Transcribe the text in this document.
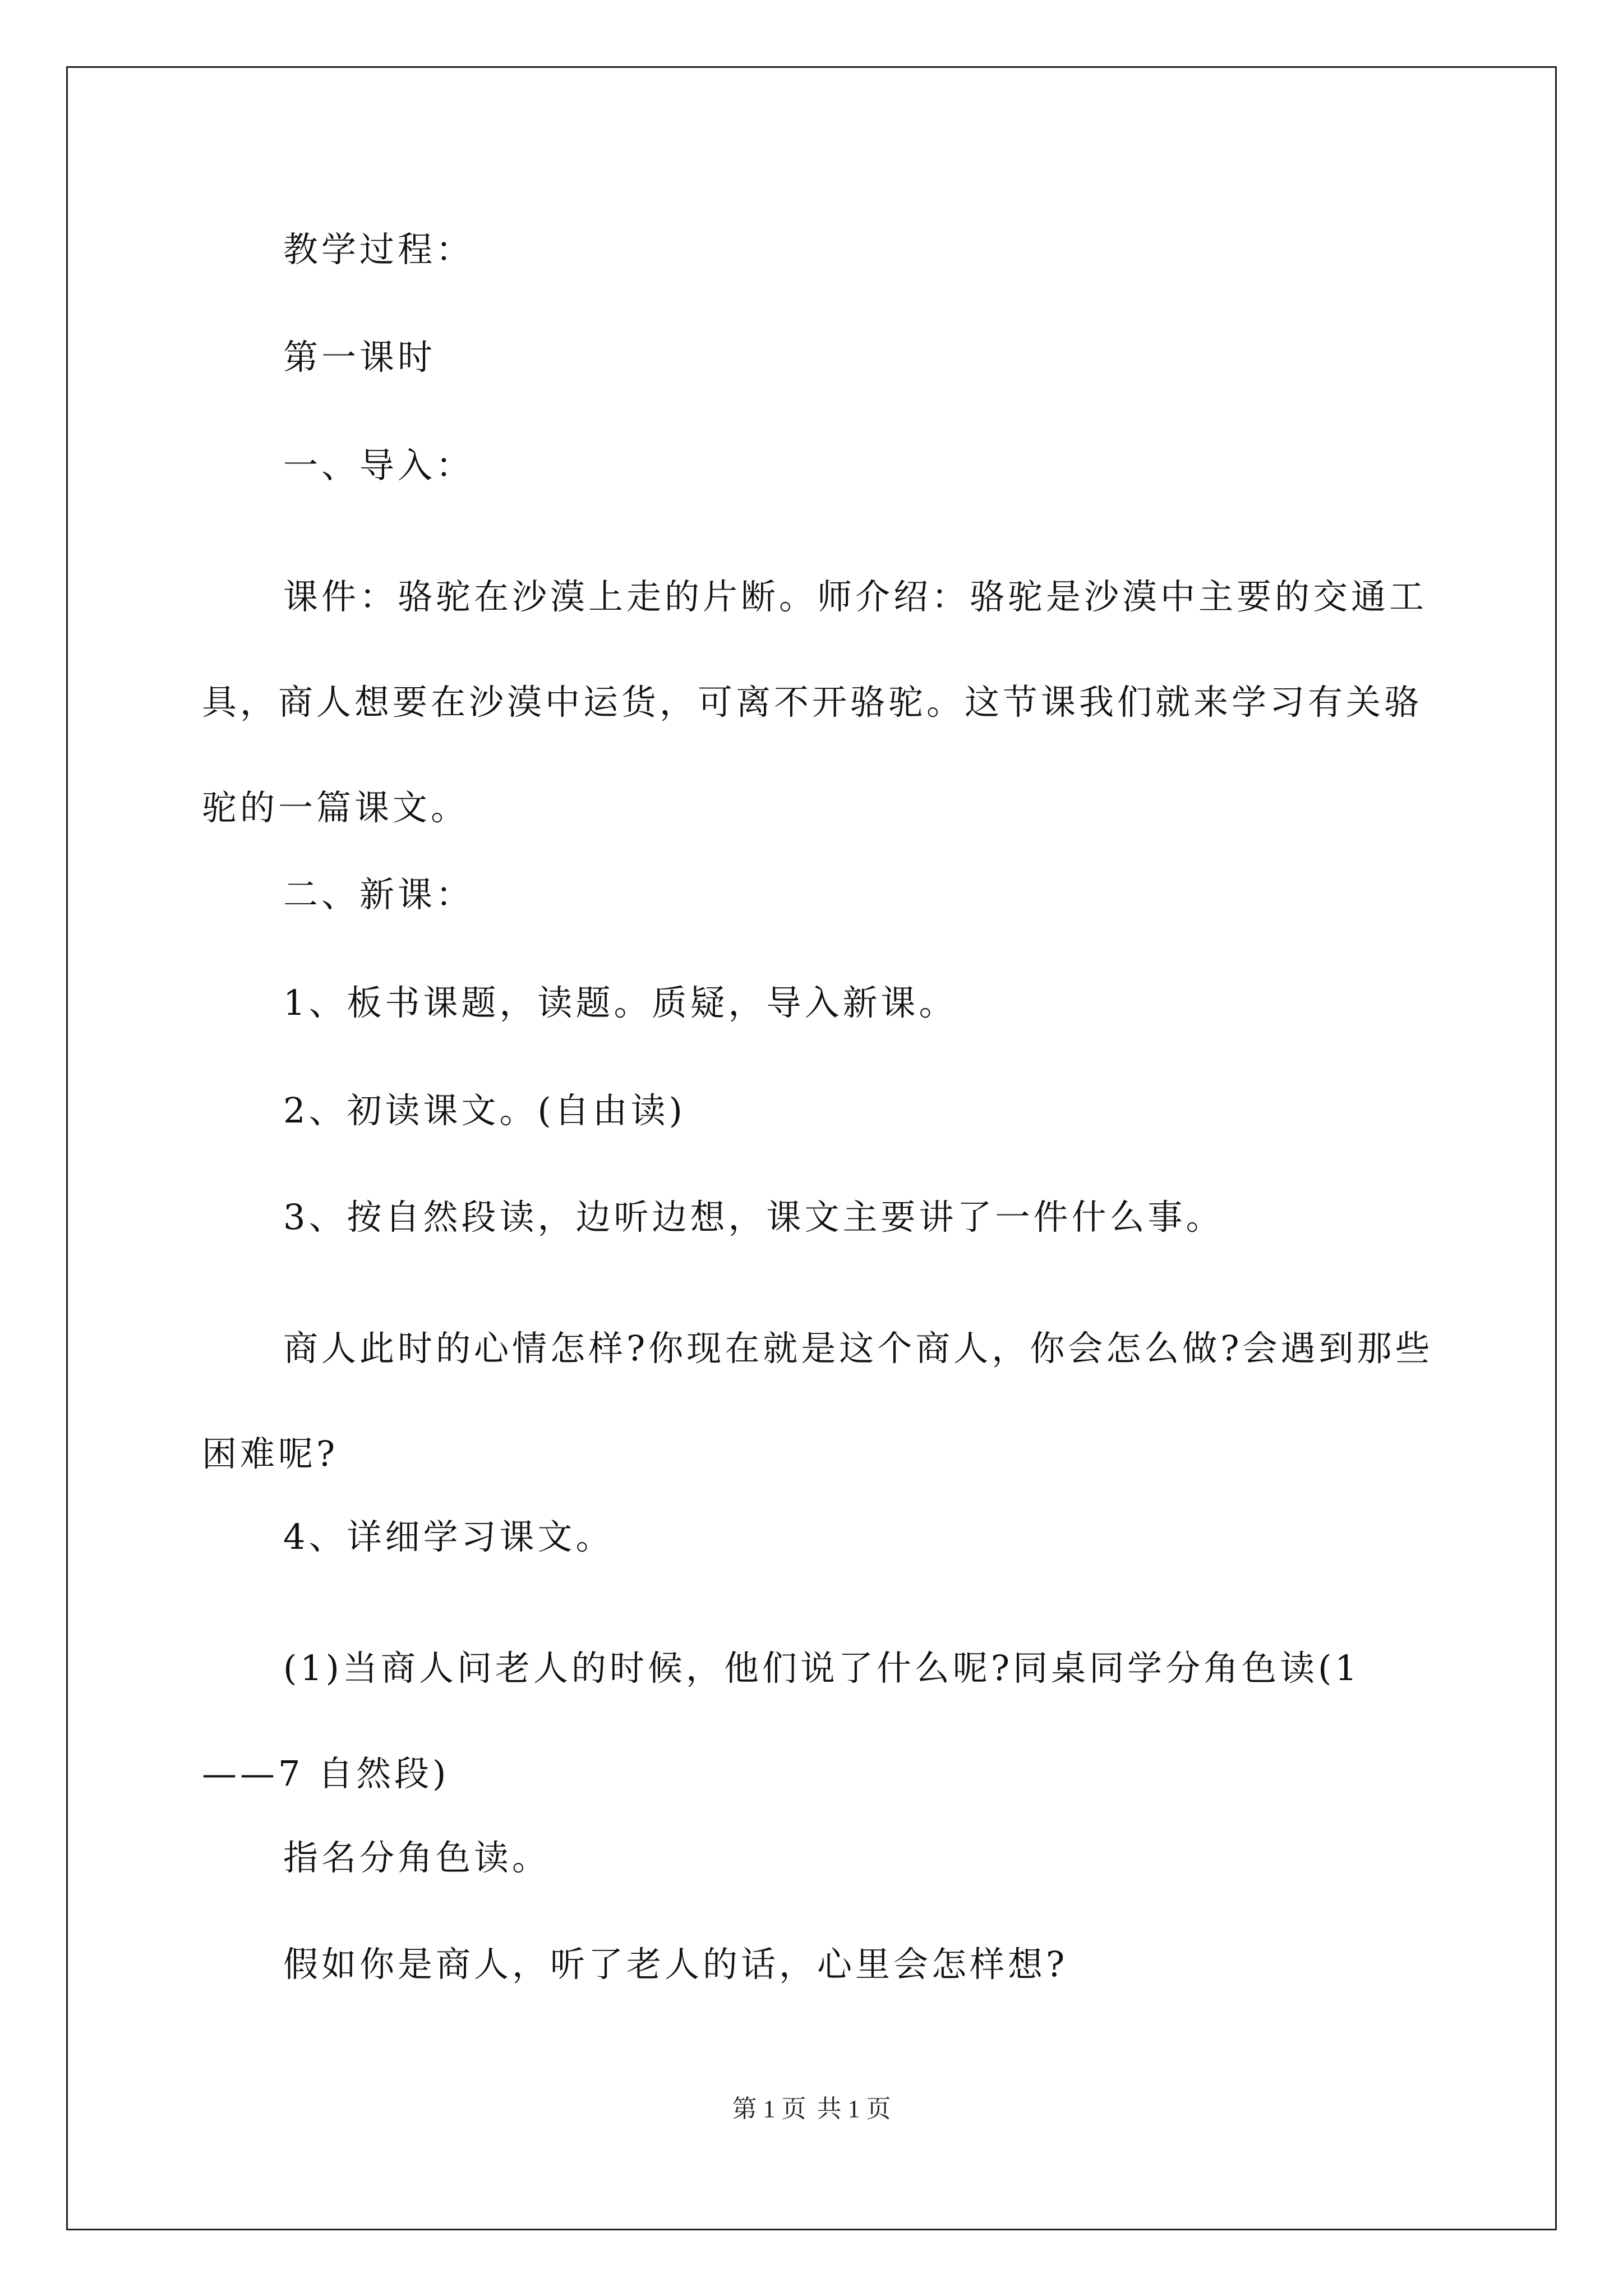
教学过程：
第一课时
一、导入：
课件：骆驼在沙漠上走的片断。师介绍：骆驼是沙漠中主要的交通工具，商人想要在沙漠中运货，可离不开骆驼。这节课我们就来学习有关骆驼的一篇课文。
二、新课：
1、板书课题，读题。质疑，导入新课。
2、初读课文。(自由读)
3、按自然段读，边听边想，课文主要讲了一件什么事。
商人此时的心情怎样?你现在就是这个商人，你会怎么做?会遇到那些困难呢?
4、详细学习课文。
(1)当商人问老人的时候，他们说了什么呢?同桌同学分角色读(1——7 自然段)
指名分角色读。
假如你是商人，听了老人的话，心里会怎样想?
第 1 页 共 1 页
